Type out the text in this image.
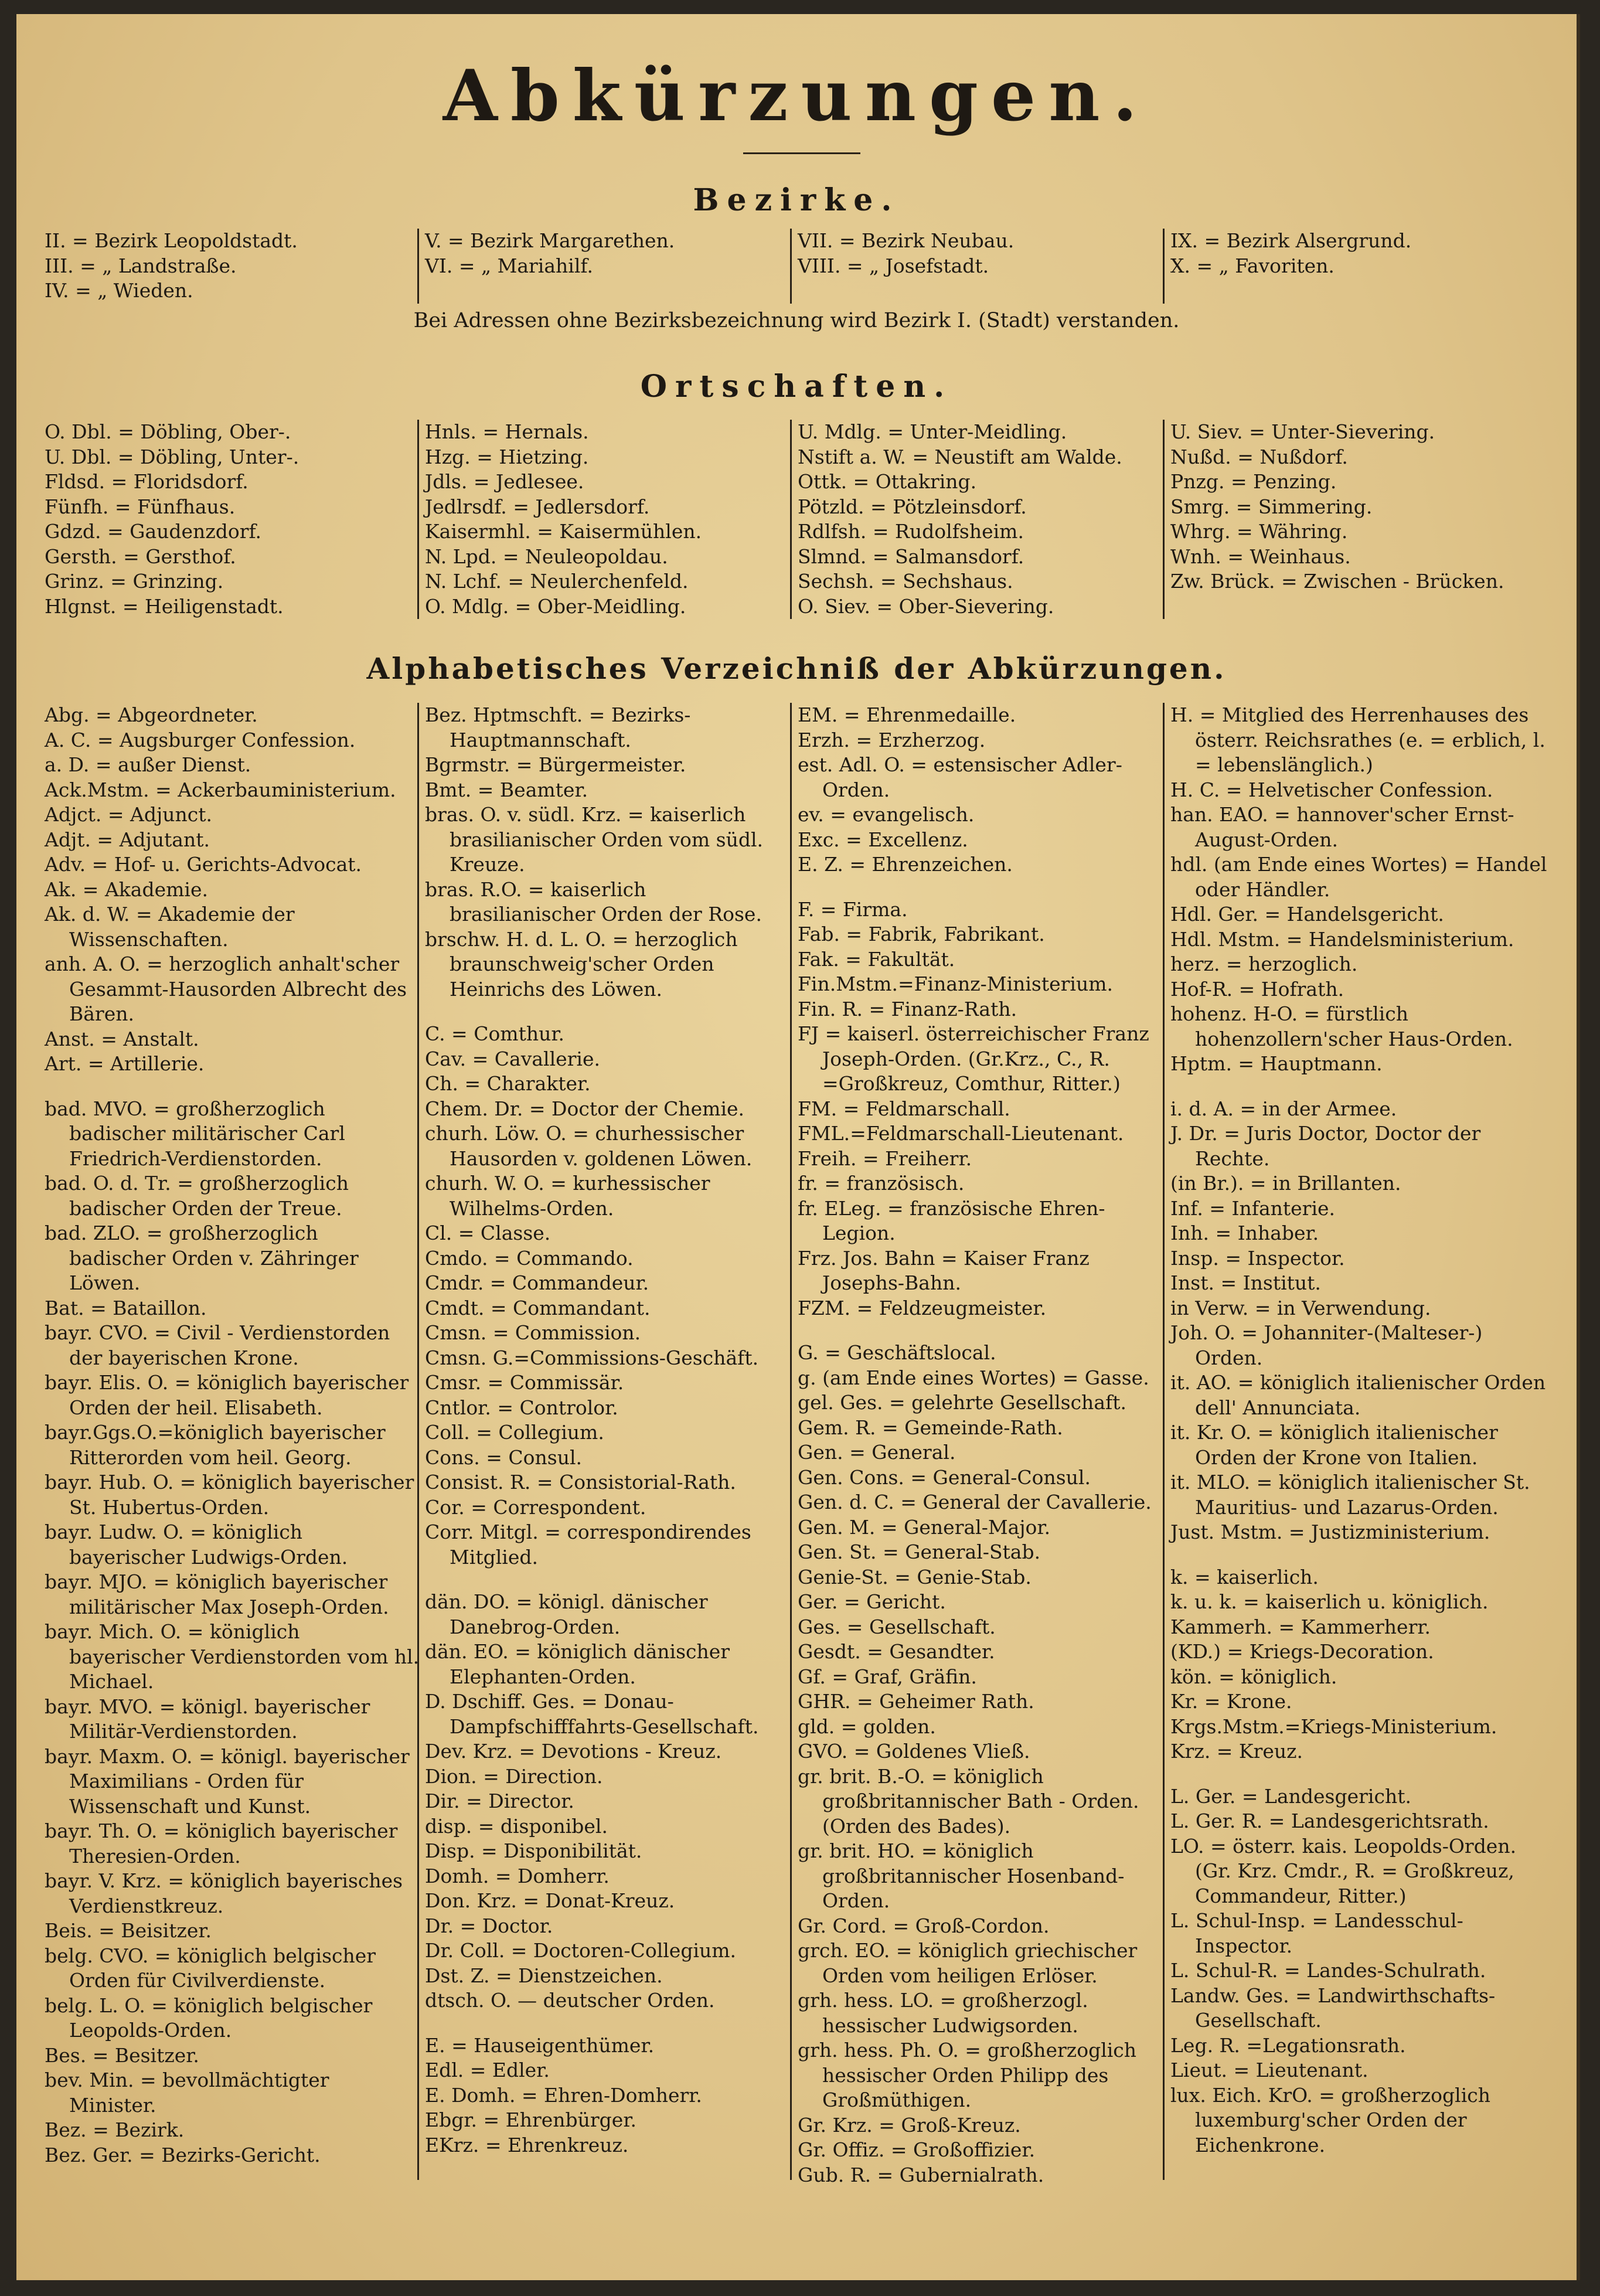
Abkürzungen.
Bezirke.
II. = Bezirk Leopoldstadt.
III. = „ Landstraße.
IV. = „ Wieden.
V. = Bezirk Margarethen.
VI. = „ Mariahilf.
VII. = Bezirk Neubau.
VIII. = „ Josefstadt.
IX. = Bezirk Alsergrund.
X. = „ Favoriten.
Bei Adressen ohne Bezirksbezeichnung wird Bezirk I. (Stadt) verstanden.
Ortschaften.
O. Dbl. = Döbling, Ober-.
U. Dbl. = Döbling, Unter-.
Fldsd. = Floridsdorf.
Fünfh. = Fünfhaus.
Gdzd. = Gaudenzdorf.
Gersth. = Gersthof.
Grinz. = Grinzing.
Hlgnst. = Heiligenstadt.
Hnls. = Hernals.
Hzg. = Hietzing.
Jdls. = Jedlesee.
Jedlrsdf. = Jedlersdorf.
Kaisermhl. = Kaisermühlen.
N. Lpd. = Neuleopoldau.
N. Lchf. = Neulerchenfeld.
O. Mdlg. = Ober-Meidling.
U. Mdlg. = Unter-Meidling.
Nstift a. W. = Neustift am Walde.
Ottk. = Ottakring.
Pötzld. = Pötzleinsdorf.
Rdlfsh. = Rudolfsheim.
Slmnd. = Salmansdorf.
Sechsh. = Sechshaus.
O. Siev. = Ober-Sievering.
U. Siev. = Unter-Sievering.
Nußd. = Nußdorf.
Pnzg. = Penzing.
Smrg. = Simmering.
Whrg. = Währing.
Wnh. = Weinhaus.
Zw. Brück. = Zwischen - Brücken.
Alphabetisches Verzeichniß der Abkürzungen.
Abg. = Abgeordneter.
A. C. = Augsburger Confession.
a. D. = außer Dienst.
Ack.Mstm. = Ackerbauministerium.
Adjct. = Adjunct.
Adjt. = Adjutant.
Adv. = Hof- u. Gerichts-Advocat.
Ak. = Akademie.
Ak. d. W. = Akademie der Wissenschaften.
anh. A. O. = herzoglich anhalt'scher Gesammt-Hausorden Albrecht des Bären.
Anst. = Anstalt.
Art. = Artillerie.
bad. MVO. = großherzoglich badischer militärischer Carl Friedrich-Verdienstorden.
bad. O. d. Tr. = großherzoglich badischer Orden der Treue.
bad. ZLO. = großherzoglich badischer Orden v. Zähringer Löwen.
Bat. = Bataillon.
bayr. CVO. = Civil - Verdienstorden der bayerischen Krone.
bayr. Elis. O. = königlich bayerischer Orden der heil. Elisabeth.
bayr.Ggs.O.=königlich bayerischer Ritterorden vom heil. Georg.
bayr. Hub. O. = königlich bayerischer St. Hubertus-Orden.
bayr. Ludw. O. = königlich bayerischer Ludwigs-Orden.
bayr. MJO. = königlich bayerischer militärischer Max Joseph-Orden.
bayr. Mich. O. = königlich bayerischer Verdienstorden vom hl. Michael.
bayr. MVO. = königl. bayerischer Militär-Verdienstorden.
bayr. Maxm. O. = königl. bayerischer Maximilians - Orden für Wissenschaft und Kunst.
bayr. Th. O. = königlich bayerischer Theresien-Orden.
bayr. V. Krz. = königlich bayerisches Verdienstkreuz.
Beis. = Beisitzer.
belg. CVO. = königlich belgischer Orden für Civilverdienste.
belg. L. O. = königlich belgischer Leopolds-Orden.
Bes. = Besitzer.
bev. Min. = bevollmächtigter Minister.
Bez. = Bezirk.
Bez. Ger. = Bezirks-Gericht.
Bez. Hptmschft. = Bezirks-Hauptmannschaft.
Bgrmstr. = Bürgermeister.
Bmt. = Beamter.
bras. O. v. südl. Krz. = kaiserlich brasilianischer Orden vom südl. Kreuze.
bras. R.O. = kaiserlich brasilianischer Orden der Rose.
brschw. H. d. L. O. = herzoglich braunschweig'scher Orden Heinrichs des Löwen.
C. = Comthur.
Cav. = Cavallerie.
Ch. = Charakter.
Chem. Dr. = Doctor der Chemie.
churh. Löw. O. = churhessischer Hausorden v. goldenen Löwen.
churh. W. O. = kurhessischer Wilhelms-Orden.
Cl. = Classe.
Cmdo. = Commando.
Cmdr. = Commandeur.
Cmdt. = Commandant.
Cmsn. = Commission.
Cmsn. G.=Commissions-Geschäft.
Cmsr. = Commissär.
Cntlor. = Controlor.
Coll. = Collegium.
Cons. = Consul.
Consist. R. = Consistorial-Rath.
Cor. = Correspondent.
Corr. Mitgl. = correspondirendes Mitglied.
dän. DO. = königl. dänischer Danebrog-Orden.
dän. EO. = königlich dänischer Elephanten-Orden.
D. Dschiff. Ges. = Donau-Dampfschifffahrts-Gesellschaft.
Dev. Krz. = Devotions - Kreuz.
Dion. = Direction.
Dir. = Director.
disp. = disponibel.
Disp. = Disponibilität.
Domh. = Domherr.
Don. Krz. = Donat-Kreuz.
Dr. = Doctor.
Dr. Coll. = Doctoren-Collegium.
Dst. Z. = Dienstzeichen.
dtsch. O. — deutscher Orden.
E. = Hauseigenthümer.
Edl. = Edler.
E. Domh. = Ehren-Domherr.
Ebgr. = Ehrenbürger.
EKrz. = Ehrenkreuz.
EM. = Ehrenmedaille.
Erzh. = Erzherzog.
est. Adl. O. = estensischer Adler-Orden.
ev. = evangelisch.
Exc. = Excellenz.
E. Z. = Ehrenzeichen.
F. = Firma.
Fab. = Fabrik, Fabrikant.
Fak. = Fakultät.
Fin.Mstm.=Finanz-Ministerium.
Fin. R. = Finanz-Rath.
FJ = kaiserl. österreichischer Franz Joseph-Orden. (Gr.Krz., C., R. =Großkreuz, Comthur, Ritter.)
FM. = Feldmarschall.
FML.=Feldmarschall-Lieutenant.
Freih. = Freiherr.
fr. = französisch.
fr. ELeg. = französische Ehren-Legion.
Frz. Jos. Bahn = Kaiser Franz Josephs-Bahn.
FZM. = Feldzeugmeister.
G. = Geschäftslocal.
g. (am Ende eines Wortes) = Gasse.
gel. Ges. = gelehrte Gesellschaft.
Gem. R. = Gemeinde-Rath.
Gen. = General.
Gen. Cons. = General-Consul.
Gen. d. C. = General der Cavallerie.
Gen. M. = General-Major.
Gen. St. = General-Stab.
Genie-St. = Genie-Stab.
Ger. = Gericht.
Ges. = Gesellschaft.
Gesdt. = Gesandter.
Gf. = Graf, Gräfin.
GHR. = Geheimer Rath.
gld. = golden.
GVO. = Goldenes Vließ.
gr. brit. B.-O. = königlich großbritannischer Bath - Orden. (Orden des Bades).
gr. brit. HO. = königlich großbritannischer Hosenband-Orden.
Gr. Cord. = Groß-Cordon.
grch. EO. = königlich griechischer Orden vom heiligen Erlöser.
grh. hess. LO. = großherzogl. hessischer Ludwigsorden.
grh. hess. Ph. O. = großherzoglich hessischer Orden Philipp des Großmüthigen.
Gr. Krz. = Groß-Kreuz.
Gr. Offiz. = Großoffizier.
Gub. R. = Gubernialrath.
H. = Mitglied des Herrenhauses des österr. Reichsrathes (e. = erblich, l. = lebenslänglich.)
H. C. = Helvetischer Confession.
han. EAO. = hannover'scher Ernst-August-Orden.
hdl. (am Ende eines Wortes) = Handel oder Händler.
Hdl. Ger. = Handelsgericht.
Hdl. Mstm. = Handelsministerium.
herz. = herzoglich.
Hof-R. = Hofrath.
hohenz. H-O. = fürstlich hohenzollern'scher Haus-Orden.
Hptm. = Hauptmann.
i. d. A. = in der Armee.
J. Dr. = Juris Doctor, Doctor der Rechte.
(in Br.). = in Brillanten.
Inf. = Infanterie.
Inh. = Inhaber.
Insp. = Inspector.
Inst. = Institut.
in Verw. = in Verwendung.
Joh. O. = Johanniter-(Malteser-) Orden.
it. AO. = königlich italienischer Orden dell' Annunciata.
it. Kr. O. = königlich italienischer Orden der Krone von Italien.
it. MLO. = königlich italienischer St. Mauritius- und Lazarus-Orden.
Just. Mstm. = Justizministerium.
k. = kaiserlich.
k. u. k. = kaiserlich u. königlich.
Kammerh. = Kammerherr.
(KD.) = Kriegs-Decoration.
kön. = königlich.
Kr. = Krone.
Krgs.Mstm.=Kriegs-Ministerium.
Krz. = Kreuz.
L. Ger. = Landesgericht.
L. Ger. R. = Landesgerichtsrath.
LO. = österr. kais. Leopolds-Orden. (Gr. Krz. Cmdr., R. = Großkreuz, Commandeur, Ritter.)
L. Schul-Insp. = Landesschul-Inspector.
L. Schul-R. = Landes-Schulrath.
Landw. Ges. = Landwirthschafts-Gesellschaft.
Leg. R. =Legationsrath.
Lieut. = Lieutenant.
lux. Eich. KrO. = großherzoglich luxemburg'scher Orden der Eichenkrone.
